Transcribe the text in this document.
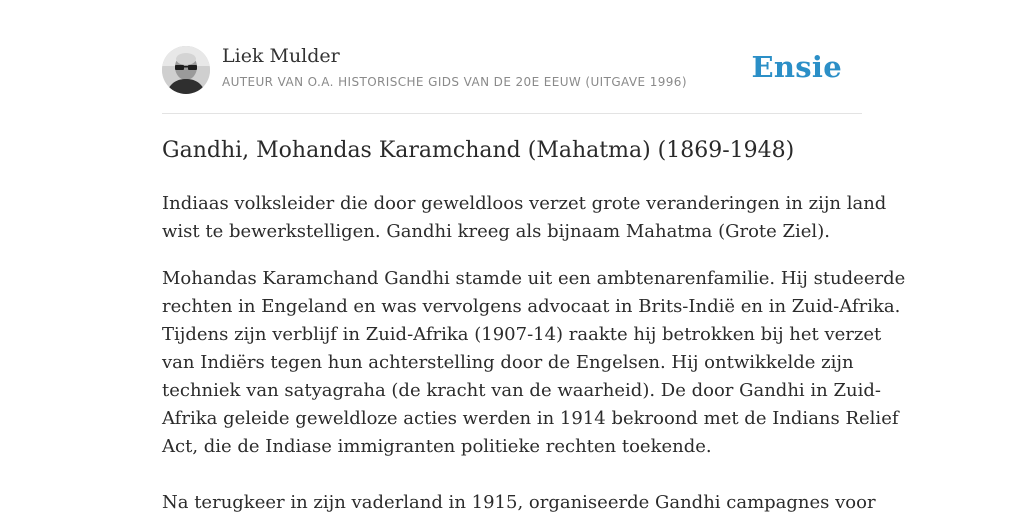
Liek Mulder
AUTEUR VAN O.A. HISTORISCHE GIDS VAN DE 20E EEUW (UITGAVE 1996) Ensie
Gandhi, Mohandas Karamchand (Mahatma) (1869-1948)

Indiaas volksleider die door geweldloos verzet grote veranderingen in zijn land
wist te bewerkstelligen. Gandhi kreeg als bijnaam Mahatma (Grote Ziel).

Mohandas Karamchand Gandhi stamde uit een ambtenarenfamilie. Hij studeerde
rechten in Engeland en was vervolgens advocaat in Brits-Indië en in Zuid-Afrika.
Tijdens zijn verblijf in Zuid-Afrika (1907-14) raakte hij betrokken bij het verzet
van Indiërs tegen hun achterstelling door de Engelsen. Hij ontwikkelde zijn
techniek van satyagraha (de kracht van de waarheid). De door Gandhi in Zuid-
Afrika geleide geweldloze acties werden in 1914 bekroond met de Indians Relief
Act, die de Indiase immigranten politieke rechten toekende.

Na terugkeer in zijn vaderland in 1915, organiseerde Gandhi campagnes voor
